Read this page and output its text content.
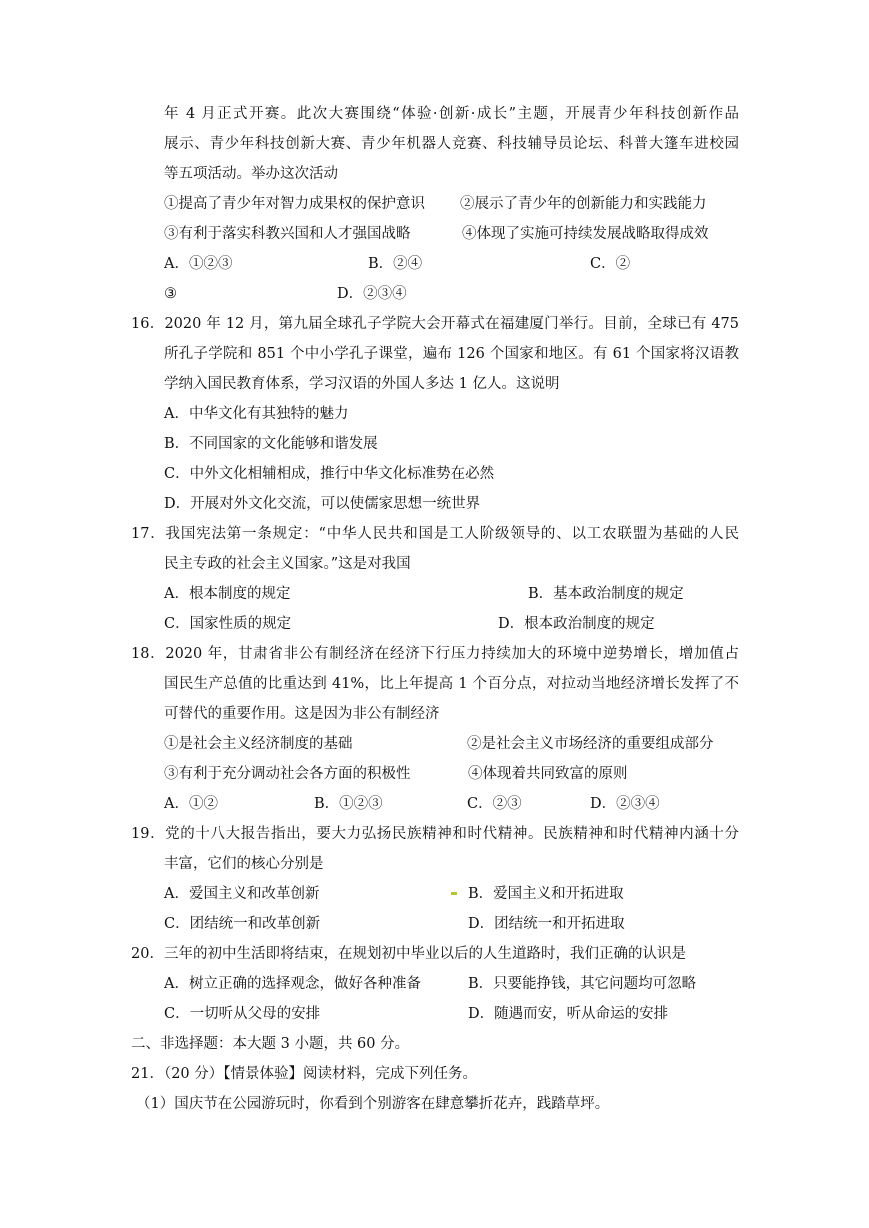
年 4 月正式开赛。此次大赛围绕“体验·创新·成长”主题，开展青少年科技创新作品
展示、青少年科技创新大赛、青少年机器人竞赛、科技辅导员论坛、科普大篷车进校园
等五项活动。举办这次活动
①提高了青少年对智力成果权的保护意识 ②展示了青少年的创新能力和实践能力
③有利于落实科教兴国和人才强国战略	④体现了实施可持续发展战略取得成效
A．①②③	B．②④	C．②
③	D．②③④
16．2020 年 12 月，第九届全球孔子学院大会开幕式在福建厦门举行。目前，全球已有 475
所孔子学院和 851 个中小学孔子课堂，遍布 126 个国家和地区。有 61 个国家将汉语教
学纳入国民教育体系，学习汉语的外国人多达 1 亿人。这说明
A．中华文化有其独特的魅力
B．不同国家的文化能够和谐发展
C．中外文化相辅相成，推行中华文化标准势在必然
D．开展对外文化交流，可以使儒家思想一统世界
17．我国宪法第一条规定：“中华人民共和国是工人阶级领导的、以工农联盟为基础的人民
民主专政的社会主义国家。”这是对我国
A．根本制度的规定	B．基本政治制度的规定
C．国家性质的规定	D．根本政治制度的规定
18．2020 年，甘肃省非公有制经济在经济下行压力持续加大的环境中逆势增长，增加值占
国民生产总值的比重达到 41%，比上年提高 1 个百分点，对拉动当地经济增长发挥了不
可替代的重要作用。这是因为非公有制经济
①是社会主义经济制度的基础	②是社会主义市场经济的重要组成部分
③有利于充分调动社会各方面的积极性	④体现着共同致富的原则
A．①②	B．①②③	C．②③	D．②③④
19．党的十八大报告指出，要大力弘扬民族精神和时代精神。民族精神和时代精神内涵十分
丰富，它们的核心分别是
A．爱国主义和改革创新	B．爱国主义和开拓进取
C．团结统一和改革创新	D．团结统一和开拓进取
20．三年的初中生活即将结束，在规划初中毕业以后的人生道路时，我们正确的认识是
A．树立正确的选择观念，做好各种准备	B．只要能挣钱，其它问题均可忽略
C．一切听从父母的安排	D．随遇而安，听从命运的安排
二、非选择题：本大题 3 小题，共 60 分。
21．（20 分）【情景体验】阅读材料，完成下列任务。
（1）国庆节在公园游玩时，你看到个别游客在肆意攀折花卉，践踏草坪。
